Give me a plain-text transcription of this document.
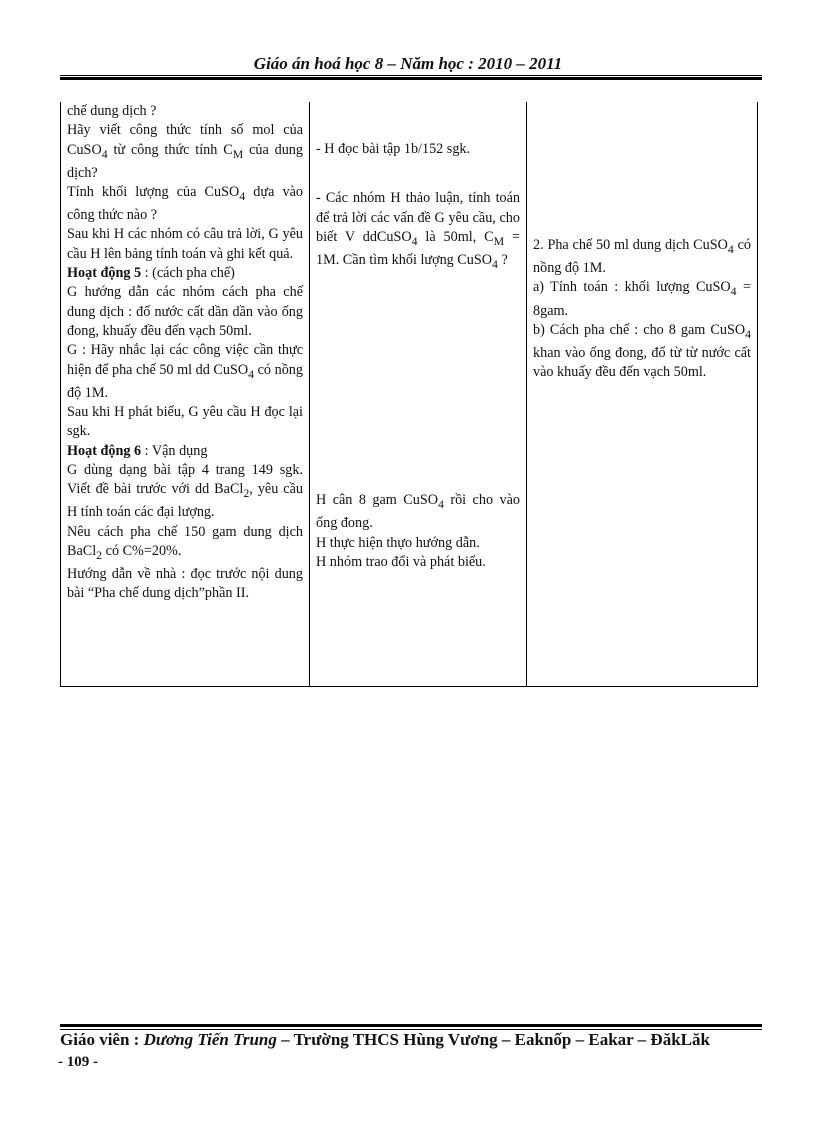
Giáo án hoá học 8 – Năm học : 2010 – 2011

chế dung dịch ?

Hãy viết công thức tính số mol của CuSO$_4$ từ công thức tính $C_M$ của dung dịch?

Tính khối lượng của CuSO$_4$ dựa vào công thức nào ?

Sau khi H các nhóm có câu trả lời, G yêu cầu H lên bảng tính toán và ghi kết quả.

Hoạt động 5 : (cách pha chế)

G hướng dẫn các nhóm cách pha chế dung dịch : đổ nước cất dần dần vào ống đong, khuấy đều đến vạch 50ml.

G : Hãy nhắc lại các công việc cần thực hiện để pha chế 50 ml dd CuSO$_4$ có nồng độ 1M.

Sau khi H phát biểu, G yêu cầu H đọc lại sgk.

Hoạt động 6 : Vận dụng

G dùng dạng bài tập 4 trang 149 sgk. Viết đề bài trước với dd BaCl$_2$, yêu cầu H tính toán các đại lượng.

Nêu cách pha chế 150 gam dung dịch BaCl$_2$ có C%=20%.

Hướng dẫn về nhà : đọc trước nội dung bài “Pha chế dung dịch”phần II.

- H đọc bài tập 1b/152 sgk.

- Các nhóm H thảo luận, tính toán để trả lời các vấn đề G yêu cầu, cho biết V ddCuSO$_4$ là 50ml, $C_M = 1M$. Cần tìm khối lượng CuSO$_4$ ?

H cân 8 gam CuSO$_4$ rồi cho vào ống đong.

H thực hiện thựo hướng dẫn.

H nhóm trao đổi và phát biểu.

2. Pha chế 50 ml dung dịch CuSO$_4$ có nồng độ 1M.

a) Tính toán : khối lượng CuSO$_4$ = 8gam.

b) Cách pha chế : cho 8 gam CuSO$_4$ khan vào ống đong, đổ từ từ nước cất vào khuấy đều đến vạch 50ml.

Giáo viên : Dương Tiến Trung – Trường THCS Hùng Vương – Eaknốp – Eakar – ĐăkLăk
- 109 -
